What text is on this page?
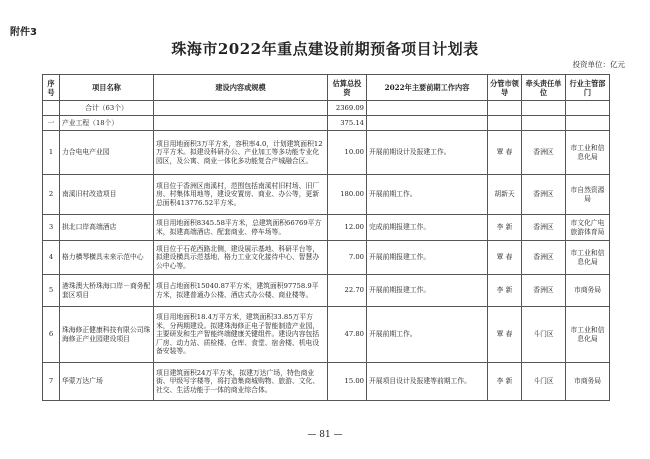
附件3
珠海市2022年重点建设前期预备项目计划表
投资单位：亿元
序号	项目名称	建设内容或规模	估算总投资	2022年主要前期工作内容	分管市领导	牵头责任单位	行业主管部门
	合计（63个）		2369.09				
一	产业工程（18个）		375.14				
1	力合电电产业园	项目用地面积3万平方米，容积率4.0，计划建筑面积12万平方米。拟建设科研办公、产业加工等多功能专业化园区，及公寓、商业一体化多功能复合产城融合区。	10.00	开展前期设计及报建工作。	覃 春	香洲区	市工业和信息化局
2	南溪旧村改造项目	项目位于香洲区南溪村，范围包括南溪村旧村场、旧厂房、村集体用地等，建设安置房、商业、办公等，更新总面积413776.52平方米。	180.00	开展前期工作。	胡新天	香洲区	市自然资源局
3	拱北口岸高端酒店	项目用地面积8345.58平方米，总建筑面积66769平方米，拟建高端酒店、配套商业、停车场等。	12.00	完成前期报建工作。	李 新	香洲区	市文化广电旅游体育局
4	格力横琴横具未来示范中心	项目位于石花西路北侧，建设展示基地、科研平台等，拟建设横具示范基地、格力工业文化接待中心、智慧办公中心等。	7.00	开展前期报建工作。	覃 春	香洲区	市工业和信息化局
5	港珠澳大桥珠海口岸－商务配套区项目	项目占地面积15040.87平方米，建筑面积97758.9平方米，拟建普通办公楼、酒店式办公楼、商业楼等。	22.70	开展前期报建工作。	李 新	香洲区	市商务局
6	珠海修正健康科技有限公司珠海修正产业园建设项目	项目用地面积18.4万平方米，建筑面积33.85万平方米，分两期建设。拟建珠海修正电子智能制造产业园，主要研发和生产智能终端健康关键组件。建设内容包括厂房、动力站、质检楼、仓库、食堂、宿舍楼、机电设备安装等。	47.80	开展前期工作。	覃 春	斗门区	市工业和信息化局
7	华蒙万达广场	项目建筑面积24万平方米，拟建万达广场，特色商业街、甲级写字楼等，将打造集商城购物、旅游、文化、社交、生活功能于一体的商业综合体。	15.00	开展项目设计及报建等前期工作。	李 新	斗门区	市商务局
— 81 —
